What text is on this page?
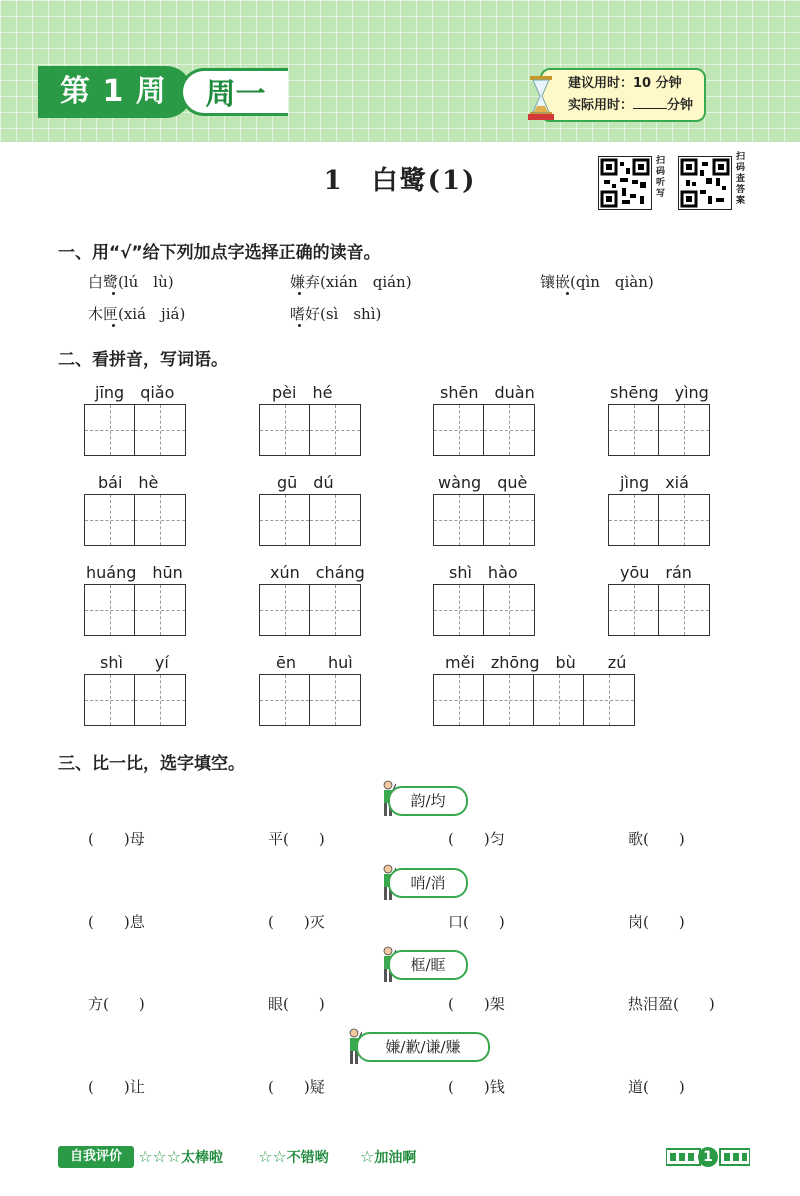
第 1 周	周一	建议用时：10 分钟
实际用时：	分钟
1　白鹭(1)
扫码听写
扫码查答案
一、用“√”给下列加点字选择正确的读音。
白鹭(lú　lù)	嫌弃(xián　qián)	镶嵌(qìn　qiàn)
木匣(xiá　jiá)	嗜好(sì　shì)
二、看拼音，写词语。
jīng　qiǎo	pèi　hé	shēn　duàn	shēng　yìng
bái　hè	gū　dú	wàng　què	jìng　xiá
huáng　hūn	xún　cháng	shì　hào	yōu　rán
shì　　yí	ēn　　huì	měi　zhōng　bù　　zú
三、比一比，选字填空。
韵/均
(　　)母	平(　　)	(　　)匀	歌(　　)
哨/消
(　　)息	(　　)灭	口(　　)	岗(　　)
框/眶
方(　　)	眼(　　)	(　　)架	热泪盈(　　)
嫌/歉/谦/赚
(　　)让	(　　)疑	(　　)钱	道(　　)
自我评价	☆☆☆太棒啦 ☆☆不错哟 ☆加油啊	1
